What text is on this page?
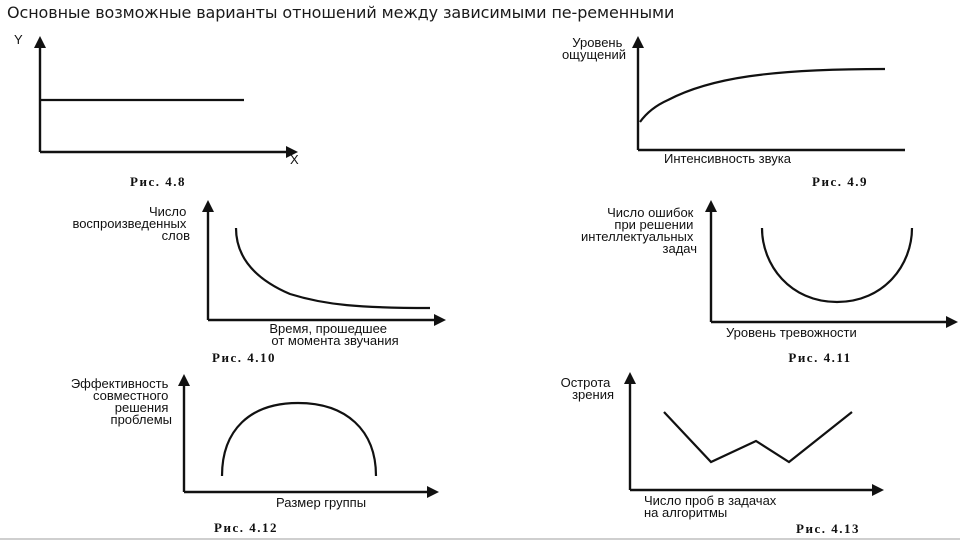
Основные возможные варианты отношений между зависимыми пе-ременными
Y
X
Рис. 4.8
Уровень ощущений
Интенсивность звука
Рис. 4.9
Число воспроизведенных слов
Время, прошедшее от момента звучания
Рис. 4.10
Число ошибок при решении интеллектуальных задач
Уровень тревожности
Рис. 4.11
Эффективность совместного решения проблемы
Размер группы
Рис. 4.12
Острота зрения
Число проб в задачах на алгоритмы
Рис. 4.13
